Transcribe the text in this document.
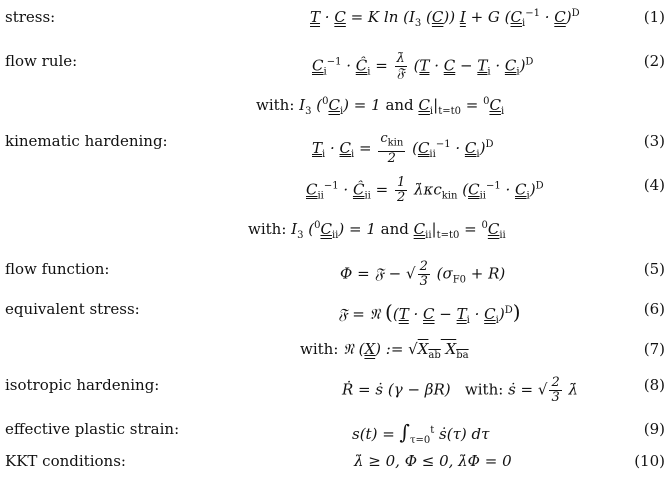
stress:	T · C = K $\ln (I_3$ (C)) I + G $(C_i^{-1} \cdot C)^D$	(1)
flow rule:	$C_i^{-1}$ · $Ĉ_i = \frac{\lambdȧ}{\text{𝔉}} (T \cdot C - T_i \cdot C_i)^D$	(2)
with: $I_3$ $(^0C_i) = 1$ and $C_i|_{t=t0} = ^0C_i$
kinematic hardening:	$T_i \cdot C_i = \frac{c_{kin}}{2} (C_{ii}^{-1} \cdot C_i)^D$	(3)
$C_{ii}^{-1}$ · $Ĉ_{ii} = \frac{1}{2}$ $\lambdȧ\kappa c_{kin}$ $(C_{ii}^{-1} \cdot C_i)^D$	(4)
with: $I_3$ $(^0C_{ii}) = 1$ and $C_{ii}|_{t=t0} = ^0C_{ii}$
flow function:	Φ = 𝔉 − √ $\frac{2}{3} (\sigma_{F0} + R)$	(5)
equivalent stress:	𝔉 = 𝔑 $((T \cdot C - T_i \cdot C_i)^D)$	(6)
with: 𝔑 (X) := $√X_{ab}$ $X_{ba}$	(7)
isotropic hardening:	Ṙ = ṡ (γ − βR)   with: ṡ = √ $\frac{2}{3}$ λ̇	(8)
effective plastic strain:	$s(t) = \int_{\tau=0}^t$ ṡ(τ) dτ	(9)
KKT conditions:	λ̇ ≥ 0, Φ ≤ 0, λ̇Φ = 0	(10)
